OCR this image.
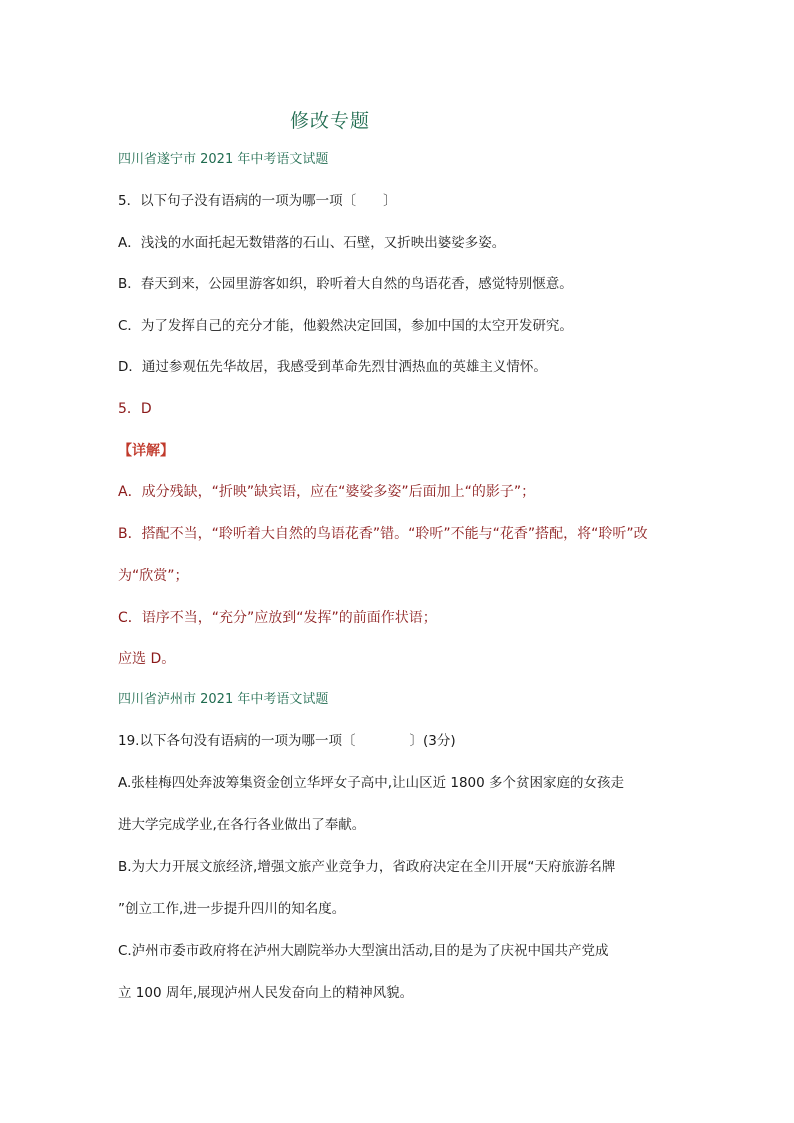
修改专题
四川省遂宁市 2021 年中考语文试题
5．以下句子没有语病的一项为哪一项〔　　〕
A．浅浅的水面托起无数错落的石山、石壁，又折映出婆娑多姿。
B．春天到来，公园里游客如织，聆听着大自然的鸟语花香，感觉特别惬意。
C．为了发挥自己的充分才能，他毅然决定回国，参加中国的太空开发研究。
D．通过参观伍先华故居，我感受到革命先烈甘洒热血的英雄主义情怀。
5．D
【详解】
A．成分残缺，“折映”缺宾语，应在“婆娑多姿”后面加上“的影子”；
B．搭配不当，“聆听着大自然的鸟语花香”错。“聆听”不能与“花香”搭配，将“聆听”改
为“欣赏”；
C．语序不当，“充分”应放到“发挥”的前面作状语；
应选 D。
四川省泸州市 2021 年中考语文试题
19.以下各句没有语病的一项为哪一项〔　　　　〕(3分)
A.张桂梅四处奔波筹集资金创立华坪女子高中,让山区近 1800 多个贫困家庭的女孩走
进大学完成学业,在各行各业做出了奉献。
B.为大力开展文旅经济,增强文旅产业竞争力，省政府决定在全川开展“天府旅游名牌
”创立工作,进一步提升四川的知名度。
C.泸州市委市政府将在泸州大剧院举办大型演出活动,目的是为了庆祝中国共产党成
立 100 周年,展现泸州人民发奋向上的精神风貌。
